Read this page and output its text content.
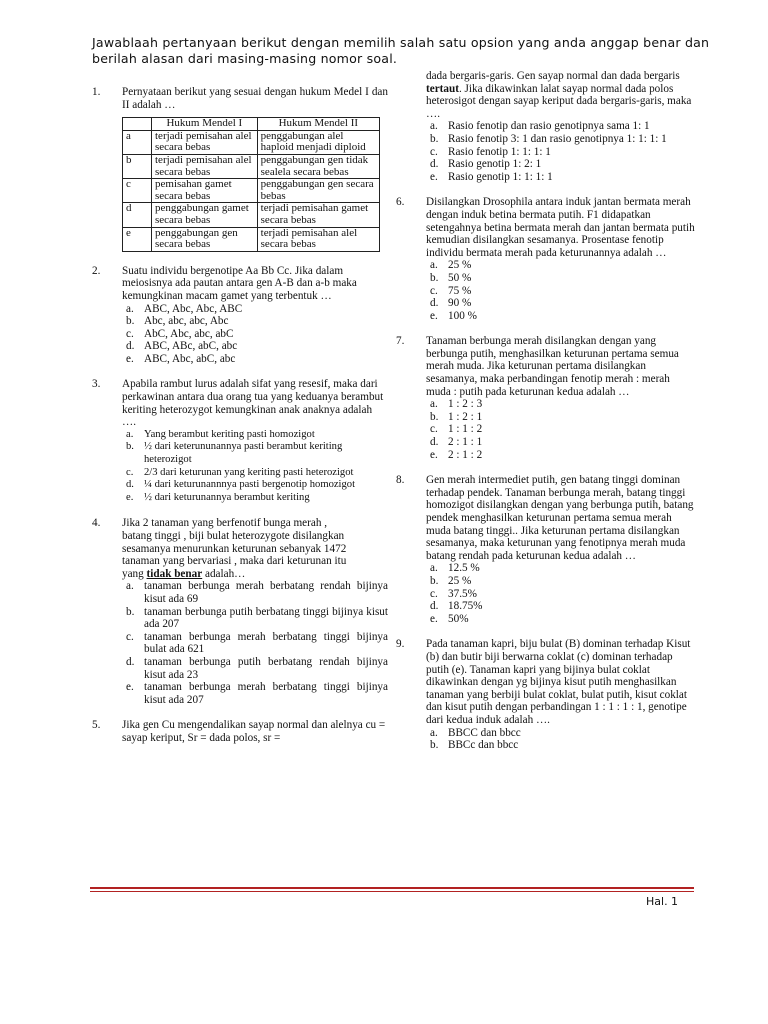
Jawablaah pertanyaan berikut dengan memilih salah satu opsion yang anda anggap benar dan berilah alasan dari masing-masing nomor soal.
1. Pernyataan berikut yang sesuai dengan hukum Medel I dan II adalah …
	Hukum Mendel I	Hukum Mendel II
a	terjadi pemisahan alel secara bebas	penggabungan alel haploid menjadi diploid
b	terjadi pemisahan alel secara bebas	penggabungan gen tidak sealela secara bebas
c	pemisahan gamet secara bebas	penggabungan gen secara bebas
d	penggabungan gamet secara bebas	terjadi pemisahan gamet secara bebas
e	penggabungan gen secara bebas	terjadi pemisahan alel secara bebas
2. Suatu individu bergenotipe Aa Bb Cc. Jika dalam meiosisnya ada pautan antara gen A-B dan a-b maka kemungkinan macam gamet yang terbentuk …
a. ABC, Abc, Abc, ABC
b. Abc, abc, abc, Abc
c. AbC, Abc, abc, abC
d. ABC, ABc, abC, abc
e. ABC, Abc, abC, abc
3. Apabila rambut lurus adalah sifat yang resesif, maka dari perkawinan antara dua orang tua yang keduanya berambut keriting heterozygot kemungkinan anak anaknya adalah ….
a. Yang berambut keriting pasti homozigot
b. ½ dari keterununannya pasti berambut keriting heterozigot
c. 2/3 dari keturunan yang keriting pasti heterozigot
d. ¼ dari keturunannnya pasti bergenotip homozigot
e. ½ dari keturunannya berambut keriting
4. Jika 2 tanaman yang berfenotif bunga merah , batang tinggi , biji bulat heterozygote disilangkan sesamanya menurunkan keturunan sebanyak 1472 tanaman yang bervariasi , maka dari keturunan itu yang tidak benar adalah…
a. tanaman berbunga merah berbatang rendah bijinya kisut ada 69
b. tanaman berbunga putih berbatang tinggi bijinya kisut ada 207
c. tanaman berbunga merah berbatang tinggi bijinya bulat ada 621
d. tanaman berbunga putih berbatang rendah bijinya kisut ada 23
e. tanaman berbunga merah berbatang tinggi bijinya kisut ada 207
5. Jika gen Cu mengendalikan sayap normal dan alelnya cu = sayap keriput, Sr = dada polos, sr =
dada bergaris-garis. Gen sayap normal dan dada bergaris tertaut. Jika dikawinkan lalat sayap normal dada polos heterosigot dengan sayap keriput dada bergaris-garis, maka ….
a. Rasio fenotip dan rasio genotipnya sama 1: 1
b. Rasio fenotip 3: 1 dan rasio genotipnya 1: 1: 1: 1
c. Rasio fenotip 1: 1: 1: 1
d. Rasio genotip 1: 2: 1
e. Rasio genotip 1: 1: 1: 1
6. Disilangkan Drosophila antara induk jantan bermata merah dengan induk betina bermata putih. F1 didapatkan setengahnya betina bermata merah dan jantan bermata putih kemudian disilangkan sesamanya. Prosentase fenotip individu bermata merah pada keturunannya adalah …
a. 25 %
b. 50 %
c. 75 %
d. 90 %
e. 100 %
7. Tanaman berbunga merah disilangkan dengan yang berbunga putih, menghasilkan keturunan pertama semua merah muda. Jika keturunan pertama disilangkan sesamanya, maka perbandingan fenotip merah : merah muda : putih pada keturunan kedua adalah …
a. 1 : 2 : 3
b. 1 : 2 : 1
c. 1 : 1 : 2
d. 2 : 1 : 1
e. 2 : 1 : 2
8. Gen merah intermediet putih, gen batang tinggi dominan terhadap pendek. Tanaman berbunga merah, batang tinggi homozigot disilangkan dengan yang berbunga putih, batang pendek menghasilkan keturunan pertama semua merah muda batang tinggi.. Jika keturunan pertama disilangkan sesamanya, maka keturunan yang fenotipnya merah muda batang rendah pada keturunan kedua adalah …
a. 12.5 %
b. 25 %
c. 37.5%
d. 18.75%
e. 50%
9. Pada tanaman kapri, biju bulat (B) dominan terhadap Kisut (b) dan butir biji berwarna coklat (c) dominan terhadap putih (e). Tanaman kapri yang bijinya bulat coklat dikawinkan dengan yg bijinya kisut putih menghasilkan tanaman yang berbiji bulat coklat, bulat putih, kisut coklat dan kisut putih dengan perbandingan 1 : 1 : 1 : 1, genotipe dari kedua induk adalah ….
a. BBCC dan bbcc
b. BBCc dan bbcc
Hal. 1
